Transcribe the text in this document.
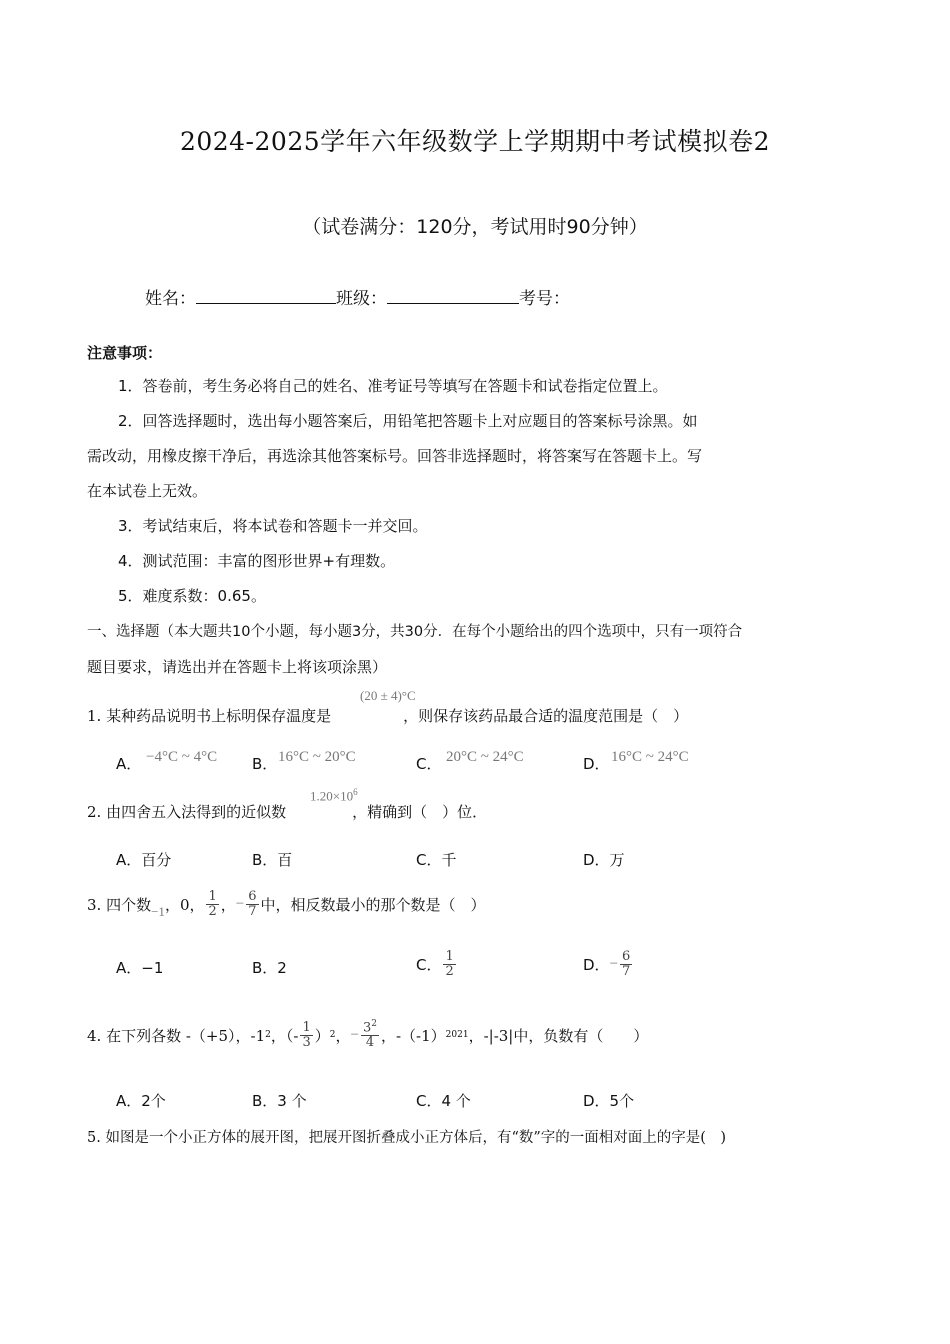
2024-2025学年六年级数学上学期期中考试模拟卷2
（试卷满分：120分，考试用时90分钟）
姓名：	班级：	考号：
注意事项：
1．答卷前，考生务必将自己的姓名、准考证号等填写在答题卡和试卷指定位置上。
2．回答选择题时，选出每小题答案后，用铅笔把答题卡上对应题目的答案标号涂黑。如
需改动，用橡皮擦干净后，再选涂其他答案标号。回答非选择题时，将答案写在答题卡上。写
在本试卷上无效。
3．考试结束后，将本试卷和答题卡一并交回。
4．测试范围：丰富的图形世界+有理数。
5．难度系数：0.65。
一、选择题（本大题共10个小题，每小题3分，共30分．在每个小题给出的四个选项中，只有一项符合
题目要求，请选出并在答题卡上将该项涂黑）
1. 某种药品说明书上标明保存温度是	，则保存该药品最合适的温度范围是（　）
(20 ± 4)°C
A． −4°C ~ 4°C B． 16°C ~ 20°C	C． 20°C ~ 24°C	D． 16°C ~ 24°C
2. 由四舍五入法得到的近似数	，精确到（　）位．
$1.20\times 10^6$
A．百分	B．百	C．千	D．万
3. 四个数 −1 ，0， $\frac{1}{2}$ ， − $\frac{6}{7}$ 中，相反数最小的那个数是（　）
A．−1	B．2	C． $\frac{1}{2}$	D． − $\frac{6}{7}$
4. 在下列各数 -（+5），-1 2 ，（- $\frac{1}{3}$ ） 2 ， − $\frac{3^2}{4}$ ，-（-1） 2021 ，-|-3|中，负数有（　　）
A．2个	B．3 个	C．4 个	D．5个
5. 如图是一个小正方体的展开图，把展开图折叠成小正方体后，有“数”字的一面相对面上的字是(　)
